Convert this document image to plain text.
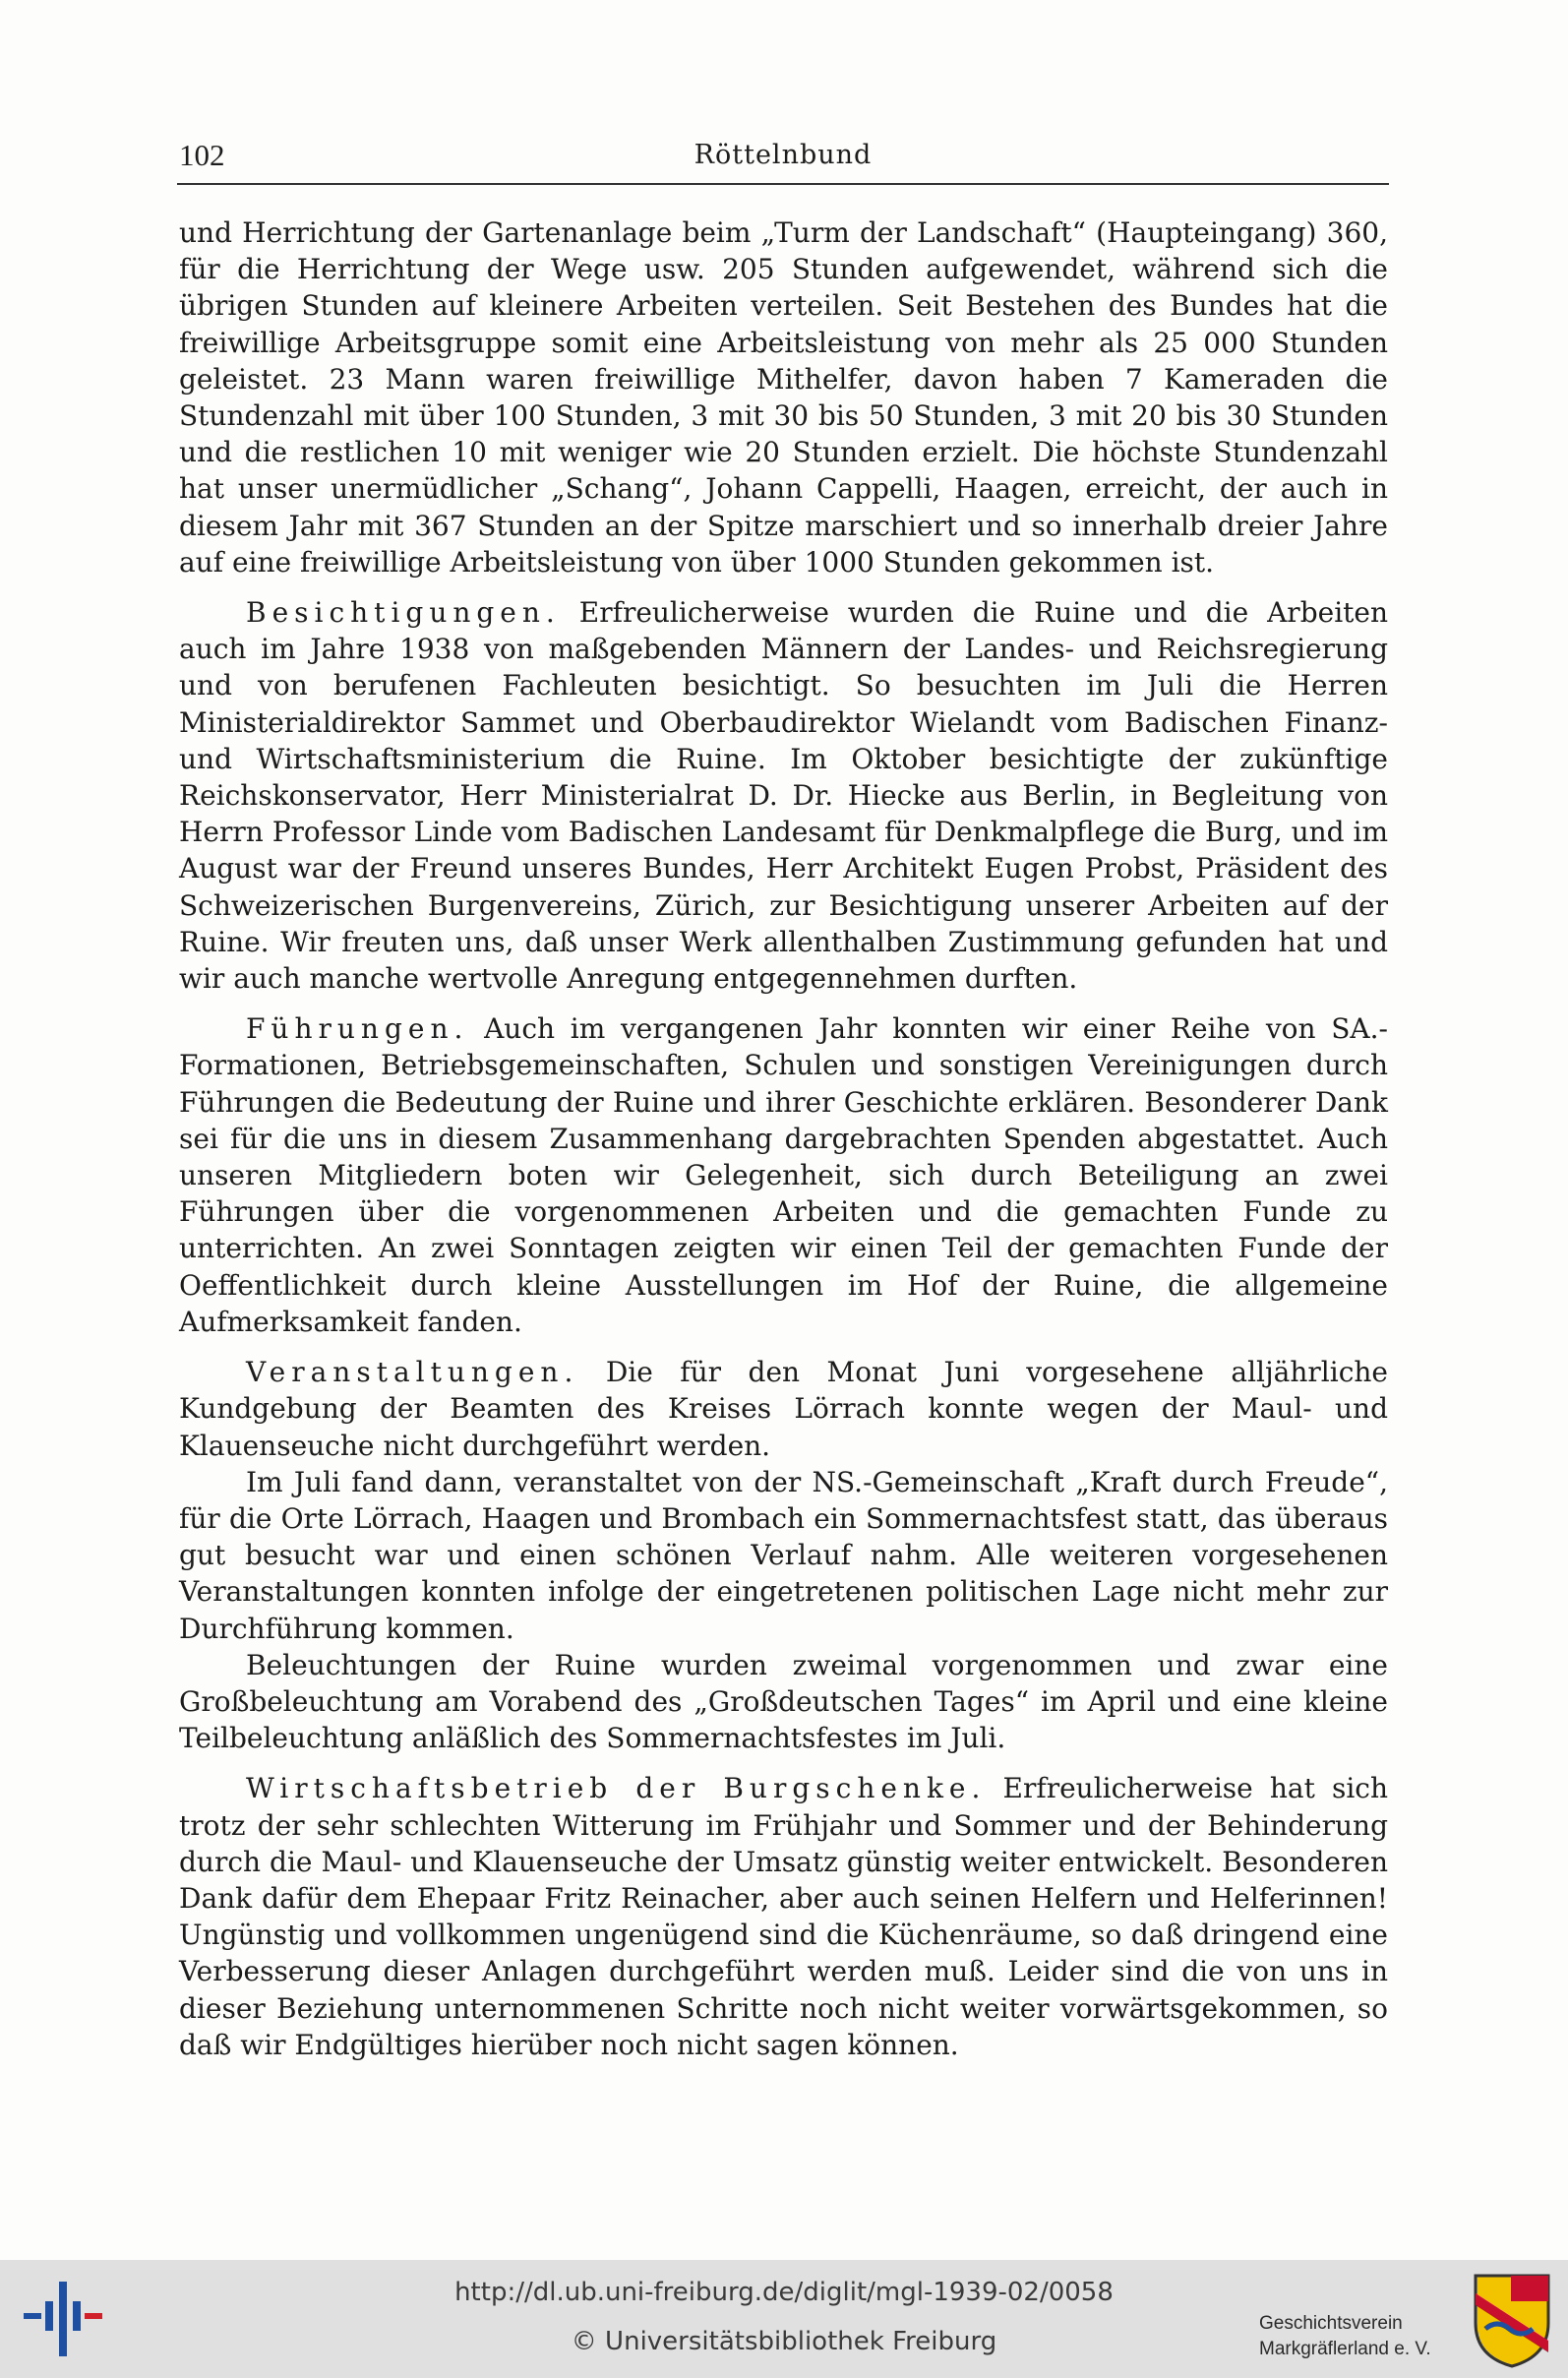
102	Röttelnbund

und Herrichtung der Gartenanlage beim „Turm der Landschaft“ (Haupteingang) 360, für die Herrichtung der Wege usw. 205 Stunden aufgewendet, während sich die übrigen Stunden auf kleinere Arbeiten verteilen. Seit Bestehen des Bundes hat die freiwillige Arbeitsgruppe somit eine Arbeitsleistung von mehr als 25 000 Stunden geleistet. 23 Mann waren freiwillige Mithelfer, davon haben 7 Kameraden die Stundenzahl mit über 100 Stunden, 3 mit 30 bis 50 Stunden, 3 mit 20 bis 30 Stunden und die restlichen 10 mit weniger wie 20 Stunden erzielt. Die höchste Stundenzahl hat unser unermüdlicher „Schang“, Johann Cappelli, Haagen, erreicht, der auch in diesem Jahr mit 367 Stunden an der Spitze marschiert und so innerhalb dreier Jahre auf eine freiwillige Arbeitsleistung von über 1000 Stunden gekommen ist.

Besichtigungen. Erfreulicherweise wurden die Ruine und die Arbeiten auch im Jahre 1938 von maßgebenden Männern der Landes- und Reichsregierung und von berufenen Fachleuten besichtigt. So besuchten im Juli die Herren Ministerialdirektor Sammet und Oberbaudirektor Wielandt vom Badischen Finanz- und Wirtschaftsministerium die Ruine. Im Oktober besichtigte der zukünftige Reichskonservator, Herr Ministerialrat D. Dr. Hiecke aus Berlin, in Begleitung von Herrn Professor Linde vom Badischen Landesamt für Denkmalpflege die Burg, und im August war der Freund unseres Bundes, Herr Architekt Eugen Probst, Präsident des Schweizerischen Burgenvereins, Zürich, zur Besichtigung unserer Arbeiten auf der Ruine. Wir freuten uns, daß unser Werk allenthalben Zustimmung gefunden hat und wir auch manche wertvolle Anregung entgegennehmen durften.

Führungen. Auch im vergangenen Jahr konnten wir einer Reihe von SA.-Formationen, Betriebsgemeinschaften, Schulen und sonstigen Vereinigungen durch Führungen die Bedeutung der Ruine und ihrer Geschichte erklären. Besonderer Dank sei für die uns in diesem Zusammenhang dargebrachten Spenden abgestattet. Auch unseren Mitgliedern boten wir Gelegenheit, sich durch Beteiligung an zwei Führungen über die vorgenommenen Arbeiten und die gemachten Funde zu unterrichten. An zwei Sonntagen zeigten wir einen Teil der gemachten Funde der Oeffentlichkeit durch kleine Ausstellungen im Hof der Ruine, die allgemeine Aufmerksamkeit fanden.

Veranstaltungen. Die für den Monat Juni vorgesehene alljährliche Kundgebung der Beamten des Kreises Lörrach konnte wegen der Maul- und Klauenseuche nicht durchgeführt werden.

Im Juli fand dann, veranstaltet von der NS.-Gemeinschaft „Kraft durch Freude“, für die Orte Lörrach, Haagen und Brombach ein Sommernachtsfest statt, das überaus gut besucht war und einen schönen Verlauf nahm. Alle weiteren vorgesehenen Veranstaltungen konnten infolge der eingetretenen politischen Lage nicht mehr zur Durchführung kommen.

Beleuchtungen der Ruine wurden zweimal vorgenommen und zwar eine Großbeleuchtung am Vorabend des „Großdeutschen Tages“ im April und eine kleine Teilbeleuchtung anläßlich des Sommernachtsfestes im Juli.

Wirtschaftsbetrieb der Burgschenke. Erfreulicherweise hat sich trotz der sehr schlechten Witterung im Frühjahr und Sommer und der Behinderung durch die Maul- und Klauenseuche der Umsatz günstig weiter entwickelt. Besonderen Dank dafür dem Ehepaar Fritz Reinacher, aber auch seinen Helfern und Helferinnen! Ungünstig und vollkommen ungenügend sind die Küchenräume, so daß dringend eine Verbesserung dieser Anlagen durchgeführt werden muß. Leider sind die von uns in dieser Beziehung unternommenen Schritte noch nicht weiter vorwärtsgekommen, so daß wir Endgültiges hierüber noch nicht sagen können.

http://dl.ub.uni-freiburg.de/diglit/mgl-1939-02/0058
© Universitätsbibliothek Freiburg
Geschichtsverein
Markgräflerland e. V.
